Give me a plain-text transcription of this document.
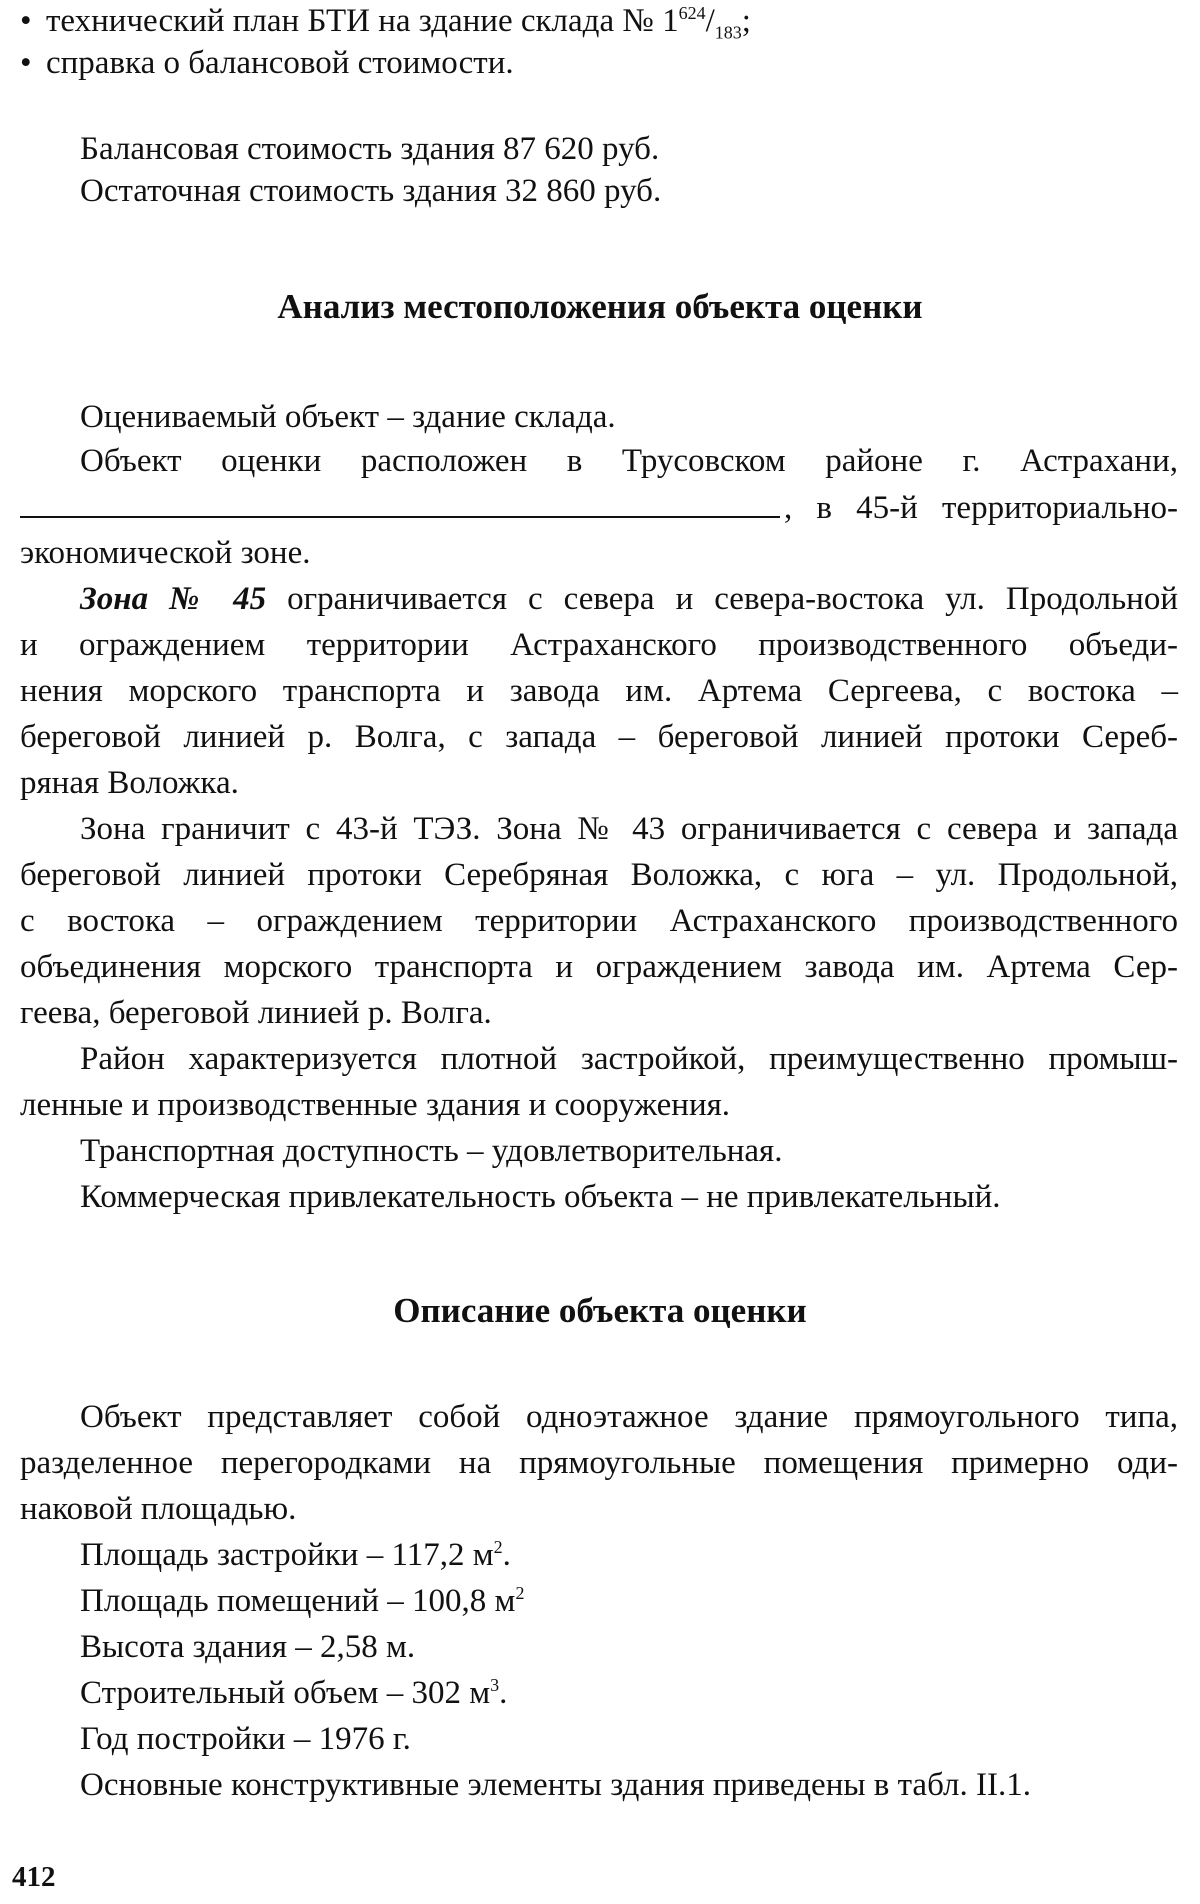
• технический план БТИ на здание склада № $1^{624}/_{183}$;
• справка о балансовой стоимости.
Балансовая стоимость здания 87 620 руб.
Остаточная стоимость здания 32 860 руб.
Анализ местоположения объекта оценки
Оцениваемый объект – здание склада.
Объект оценки расположен в Трусовском районе г. Астрахани,
, в 45-й территориально-
экономической зоне.
Зона № 45 ограничивается с севера и севера-востока ул. Продольной
и ограждением территории Астраханского производственного объеди-
нения морского транспорта и завода им. Артема Сергеева, с востока –
береговой линией р. Волга, с запада – береговой линией протоки Сереб-
ряная Воложка.
Зона граничит с 43-й ТЭЗ. Зона № 43 ограничивается с севера и запада
береговой линией протоки Серебряная Воложка, с юга – ул. Продольной,
с востока – ограждением территории Астраханского производственного
объединения морского транспорта и ограждением завода им. Артема Сер-
геева, береговой линией р. Волга.
Район характеризуется плотной застройкой, преимущественно промыш-
ленные и производственные здания и сооружения.
Транспортная доступность – удовлетворительная.
Коммерческая привлекательность объекта – не привлекательный.
Описание объекта оценки
Объект представляет собой одноэтажное здание прямоугольного типа,
разделенное перегородками на прямоугольные помещения примерно оди-
наковой площадью.
Площадь застройки – 117,2 $м^2$.
Площадь помещений – 100,8 $м^2$
Высота здания – 2,58 м.
Строительный объем – 302 $м^3$.
Год постройки – 1976 г.
Основные конструктивные элементы здания приведены в табл. II.1.
412
